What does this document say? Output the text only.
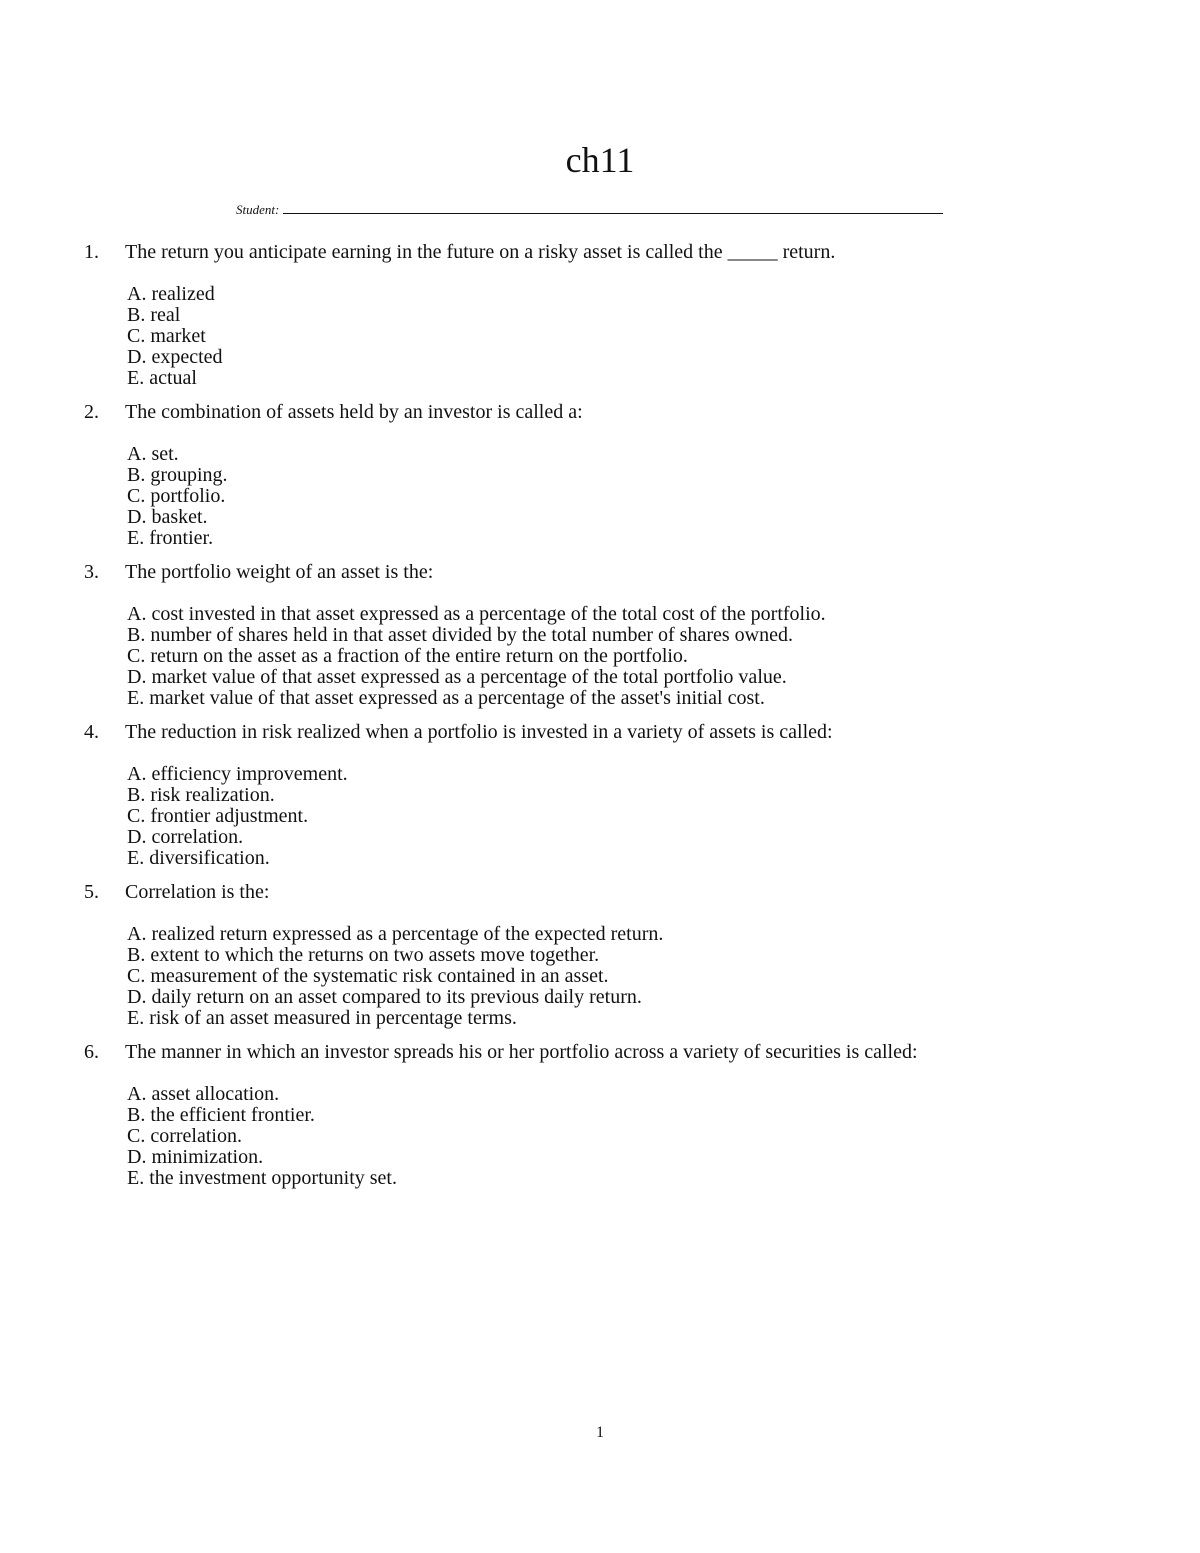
ch11
Student:
1.	The return you anticipate earning in the future on a risky asset is called the _____ return.
A. realized
B. real
C. market
D. expected
E. actual
2.	The combination of assets held by an investor is called a:
A. set.
B. grouping.
C. portfolio.
D. basket.
E. frontier.
3.	The portfolio weight of an asset is the:
A. cost invested in that asset expressed as a percentage of the total cost of the portfolio.
B. number of shares held in that asset divided by the total number of shares owned.
C. return on the asset as a fraction of the entire return on the portfolio.
D. market value of that asset expressed as a percentage of the total portfolio value.
E. market value of that asset expressed as a percentage of the asset's initial cost.
4.	The reduction in risk realized when a portfolio is invested in a variety of assets is called:
A. efficiency improvement.
B. risk realization.
C. frontier adjustment.
D. correlation.
E. diversification.
5.	Correlation is the:
A. realized return expressed as a percentage of the expected return.
B. extent to which the returns on two assets move together.
C. measurement of the systematic risk contained in an asset.
D. daily return on an asset compared to its previous daily return.
E. risk of an asset measured in percentage terms.
6.	The manner in which an investor spreads his or her portfolio across a variety of securities is called:
A. asset allocation.
B. the efficient frontier.
C. correlation.
D. minimization.
E. the investment opportunity set.
1
